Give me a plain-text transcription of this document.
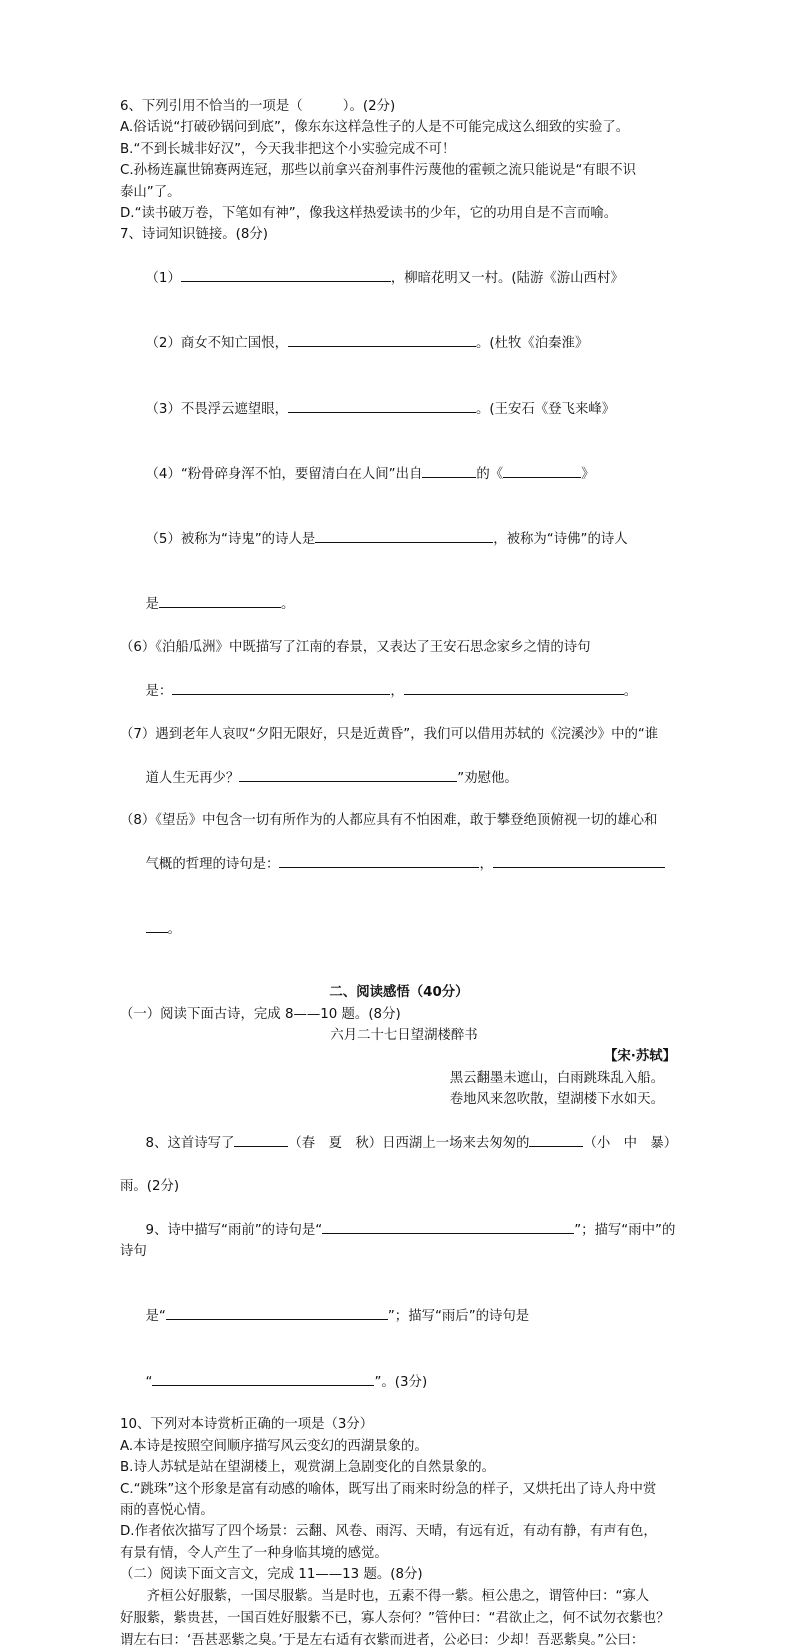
6、下列引用不恰当的一项是（　　　）。(2分)
A.俗话说“打破砂锅问到底”，像东东这样急性子的人是不可能完成这么细致的实验了。
B.“不到长城非好汉”，今天我非把这个小实验完成不可！
C.孙杨连赢世锦赛两连冠，那些以前拿兴奋剂事件污蔑他的霍顿之流只能说是“有眼不识
泰山”了。
D.“读书破万卷，下笔如有神”，像我这样热爱读书的少年，它的功用自是不言而喻。
7、诗词知识链接。(8分)

（1）	，柳暗花明又一村。(陆游《游山西村》

（2）商女不知亡国恨，	。(杜牧《泊秦淮》

（3）不畏浮云遮望眼，	。(王安石《登飞来峰》

（4）“粉骨碎身浑不怕，要留清白在人间”出自	的《	》

（5）被称为“诗鬼”的诗人是	，被称为“诗佛”的诗人

是	。

（6）《泊船瓜洲》中既描写了江南的春景，又表达了王安石思念家乡之情的诗句

是：	，	。

（7）遇到老年人哀叹“夕阳无限好，只是近黄昏”，我们可以借用苏轼的《浣溪沙》中的“谁

道人生无再少？	”劝慰他。

（8）《望岳》中包含一切有所作为的人都应具有不怕困难，敢于攀登绝顶俯视一切的雄心和

气概的哲理的诗句是：	，

。

二、阅读感悟（40分）
（一）阅读下面古诗，完成 8——10 题。(8分)
六月二十七日望湖楼醉书
【宋·苏轼】
黑云翻墨未遮山，白雨跳珠乱入船。
卷地风来忽吹散，望湖楼下水如天。

8、这首诗写了	（春　夏　秋）日西湖上一场来去匆匆的	（小　中　暴）

雨。(2分)

9、诗中描写“雨前”的诗句是“	”；描写“雨中”的诗句

是“	”；描写“雨后”的诗句是

“	”。(3分)

10、下列对本诗赏析正确的一项是（3分）
A.本诗是按照空间顺序描写风云变幻的西湖景象的。
B.诗人苏轼是站在望湖楼上，观赏湖上急剧变化的自然景象的。
C.“跳珠”这个形象是富有动感的喻体，既写出了雨来时纷急的样子，又烘托出了诗人舟中赏
雨的喜悦心情。
D.作者依次描写了四个场景：云翻、风卷、雨泻、天晴，有远有近，有动有静，有声有色，
有景有情，令人产生了一种身临其境的感觉。
（二）阅读下面文言文，完成 11——13 题。(8分)
齐桓公好服紫，一国尽服紫。当是时也，五素不得一紫。桓公患之，谓管仲曰：“寡人
好服紫，紫贵甚，一国百姓好服紫不已，寡人奈何？”管仲曰：“君欲止之，何不试勿衣紫也？
谓左右曰：‘吾甚恶紫之臭。’于是左右适有衣紫而进者，公必曰：少却！吾恶紫臭。”公曰：
